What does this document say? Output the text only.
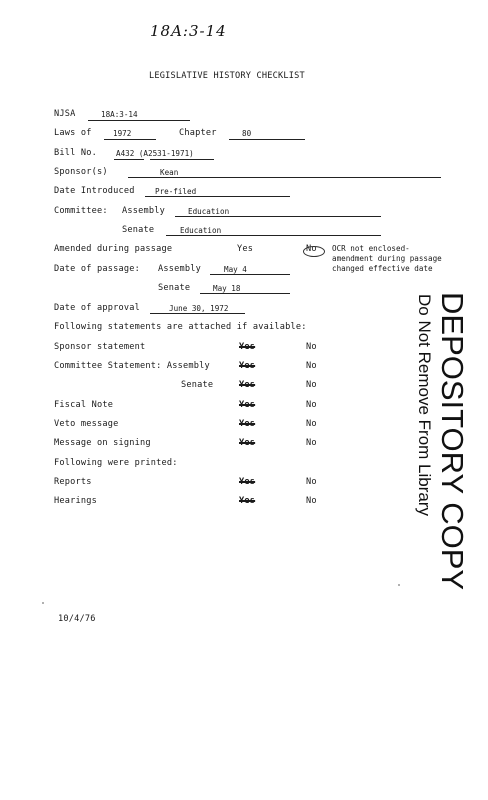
18A:3-14
LEGISLATIVE HISTORY CHECKLIST
NJSA	18A:3-14
Laws of	1972	Chapter	80
Bill No.	A432 (A2531-1971)
Sponsor(s)	Kean
Date Introduced	Pre-filed
Committee: Assembly	Education
Senate	Education
Amended during passage	Yes	No OCR not enclosed-
amendment during passage
changed effective date
Date of passage: Assembly	May 4
Senate	May 18
Date of approval	June 30, 1972
Following statements are attached if available:
Sponsor statement	Yes	No
Committee Statement: Assembly	Yes	No
Senate	Yes	No
Fiscal Note	Yes	No
Veto message	Yes	No
Message on signing	Yes	No
Following were printed:
Reports	Yes	No
Hearings	Yes	No	DEPOSITORY COPY
Do Not Remove From Library
10/4/76
